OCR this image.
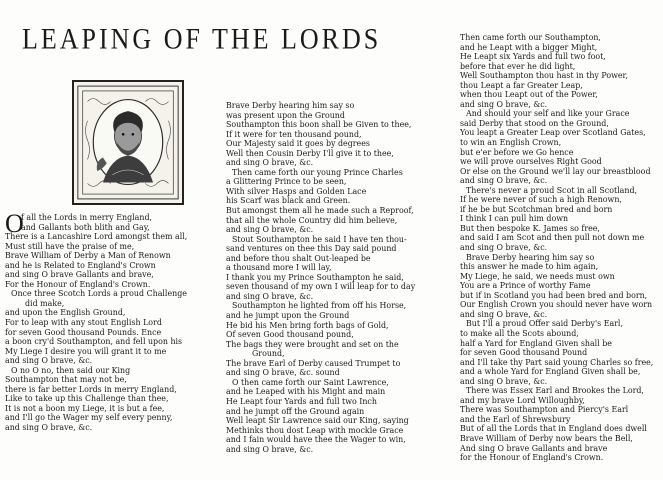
LEAPING OF THE LORDS
O
f all the Lords in merry England,
and Gallants both blith and Gay,
There is a Lancashire Lord amongst them all,
Must still have the praise of me,
Brave William of Derby a Man of Renown
and he is Related to England's Crown
and sing O brave Gallants and brave,
For the Honour of England's Crown.
Once three Scotch Lords a proud Challenge
did make,
and upon the English Ground,
For to leap with any stout English Lord
for seven Good thousand Pounds. Ence
a boon cry'd Southampton, and fell upon his
My Liege I desire you will grant it to me
and sing O brave, &c.
O no O no, then said our King
Southampton that may not be,
there is far better Lords in merry England,
Like to take up this Challenge than thee,
It is not a boon my Liege, it is but a fee,
and I'll go the Wager my self every penny,
and sing O brave, &c.
Brave Derby hearing him say so
was present upon the Ground
Southampton this boon shall be Given to thee,
If it were for ten thousand pound,
Our Majesty said it goes by degrees
Well then Cousin Derby I'll give it to thee,
and sing O brave, &c.
Then came forth our young Prince Charles
a Glittering Prince to be seen,
With silver Hasps and Golden Lace
his Scarf was black and Green.
But amongst them all he made such a Reproof,
that all the whole Country did him believe,
and sing O brave, &c.
Stout Southampton he said I have ten thou-
sand ventures on thee this Day said pound
and before thou shalt Out-leaped be
a thousand more I will lay,
I thank you my Prince Southampton he said,
seven thousand of my own I will leap for to day
and sing O brave, &c.
Southampton he lighted from off his Horse,
and he jumpt upon the Ground
He bid his Men bring forth bags of Gold,
Of seven Good thousand pound,
The bags they were brought and set on the
Ground,
The brave Earl of Derby caused Trumpet to
and sing O brave, &c. sound
O then came forth our Saint Lawrence,
and he Leaped with his Might and main
He Leapt four Yards and full two Inch
and he jumpt off the Ground again
Well leapt Sir Lawrence said our King, saying
Methinks thou dost Leap with mockle Grace
and I fain would have thee the Wager to win,
and sing O brave, &c.
Then came forth our Southampton,
and he Leapt with a bigger Might,
He Leapt six Yards and full two foot,
before that ever he did light,
Well Southampton thou hast in thy Power,
thou Leapt a far Greater Leap,
when thou Leapt out of the Power,
and sing O brave, &c.
And should your self and like your Grace
said Derby that stood on the Ground,
You leapt a Greater Leap over Scotland Gates,
to win an English Crown,
but e'er before we Go hence
we will prove ourselves Right Good
Or else on the Ground we'll lay our breastblood
and sing O brave, &c.
There's never a proud Scot in all Scotland,
If he were never of such a high Renown,
if he be but Scotchman bred and born
I think I can pull him down
But then bespoke K. James so free,
and said I am Scot and then pull not down me
and sing O brave, &c.
Brave Derby hearing him say so
this answer he made to him again,
My Liege, he said, we needs must own
You are a Prince of worthy Fame
but if in Scotland you had been bred and born,
Our English Crown you should never have worn
and sing O brave, &c.
But I'll a proud Offer said Derby's Earl,
to make all the Scots abound,
half a Yard for England Given shall be
for seven Good thousand Pound
and I'll take thy Part said young Charles so free,
and a whole Yard for England Given shall be,
and sing O brave, &c.
There was Essex Earl and Brookes the Lord,
and my brave Lord Willoughby,
There was Southampton and Piercy's Earl
and the Earl of Shrewsbury
But of all the Lords that in England does dwell
Brave William of Derby now bears the Bell,
And sing O brave Gallants and brave
for the Honour of England's Crown.
